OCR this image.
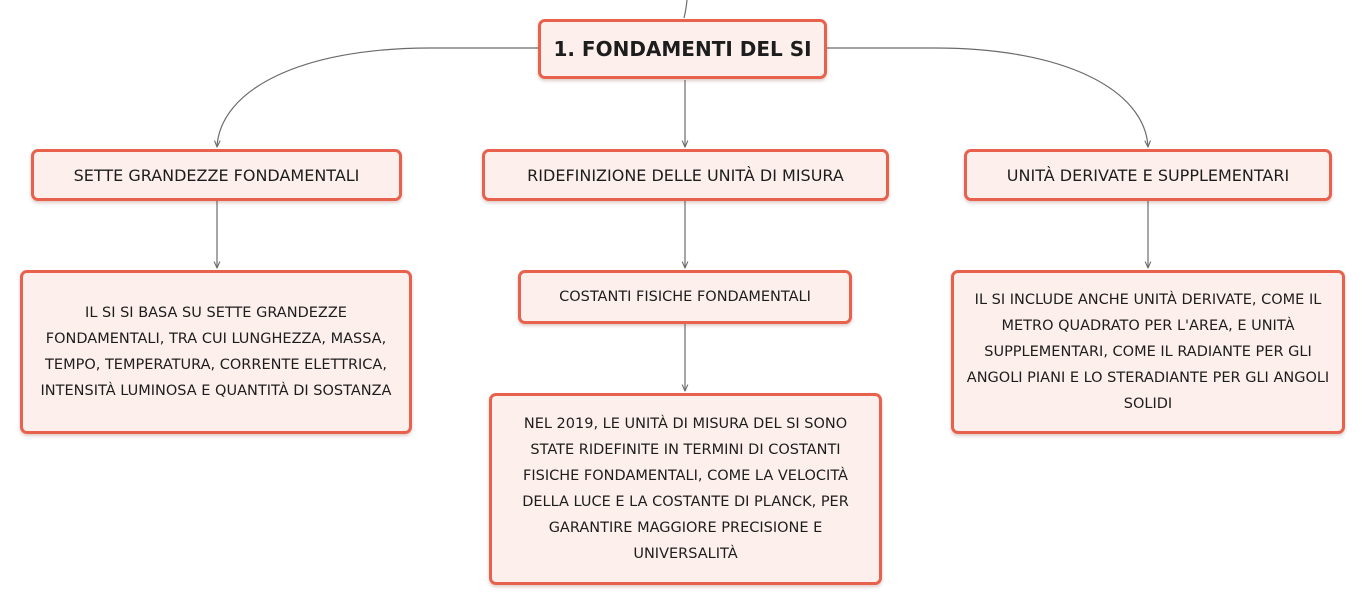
1. FONDAMENTI DEL SI
SETTE GRANDEZZE FONDAMENTALI	RIDEFINIZIONE DELLE UNITÀ DI MISURA	UNITÀ DERIVATE E SUPPLEMENTARI
IL SI SI BASA SU SETTE GRANDEZZE FONDAMENTALI, TRA CUI LUNGHEZZA, MASSA, TEMPO, TEMPERATURA, CORRENTE ELETTRICA, INTENSITÀ LUMINOSA E QUANTITÀ DI SOSTANZA
COSTANTI FISICHE FONDAMENTALI
NEL 2019, LE UNITÀ DI MISURA DEL SI SONO STATE RIDEFINITE IN TERMINI DI COSTANTI FISICHE FONDAMENTALI, COME LA VELOCITÀ DELLA LUCE E LA COSTANTE DI PLANCK, PER GARANTIRE MAGGIORE PRECISIONE E UNIVERSALITÀ
IL SI INCLUDE ANCHE UNITÀ DERIVATE, COME IL METRO QUADRATO PER L'AREA, E UNITÀ SUPPLEMENTARI, COME IL RADIANTE PER GLI ANGOLI PIANI E LO STERADIANTE PER GLI ANGOLI SOLIDI
